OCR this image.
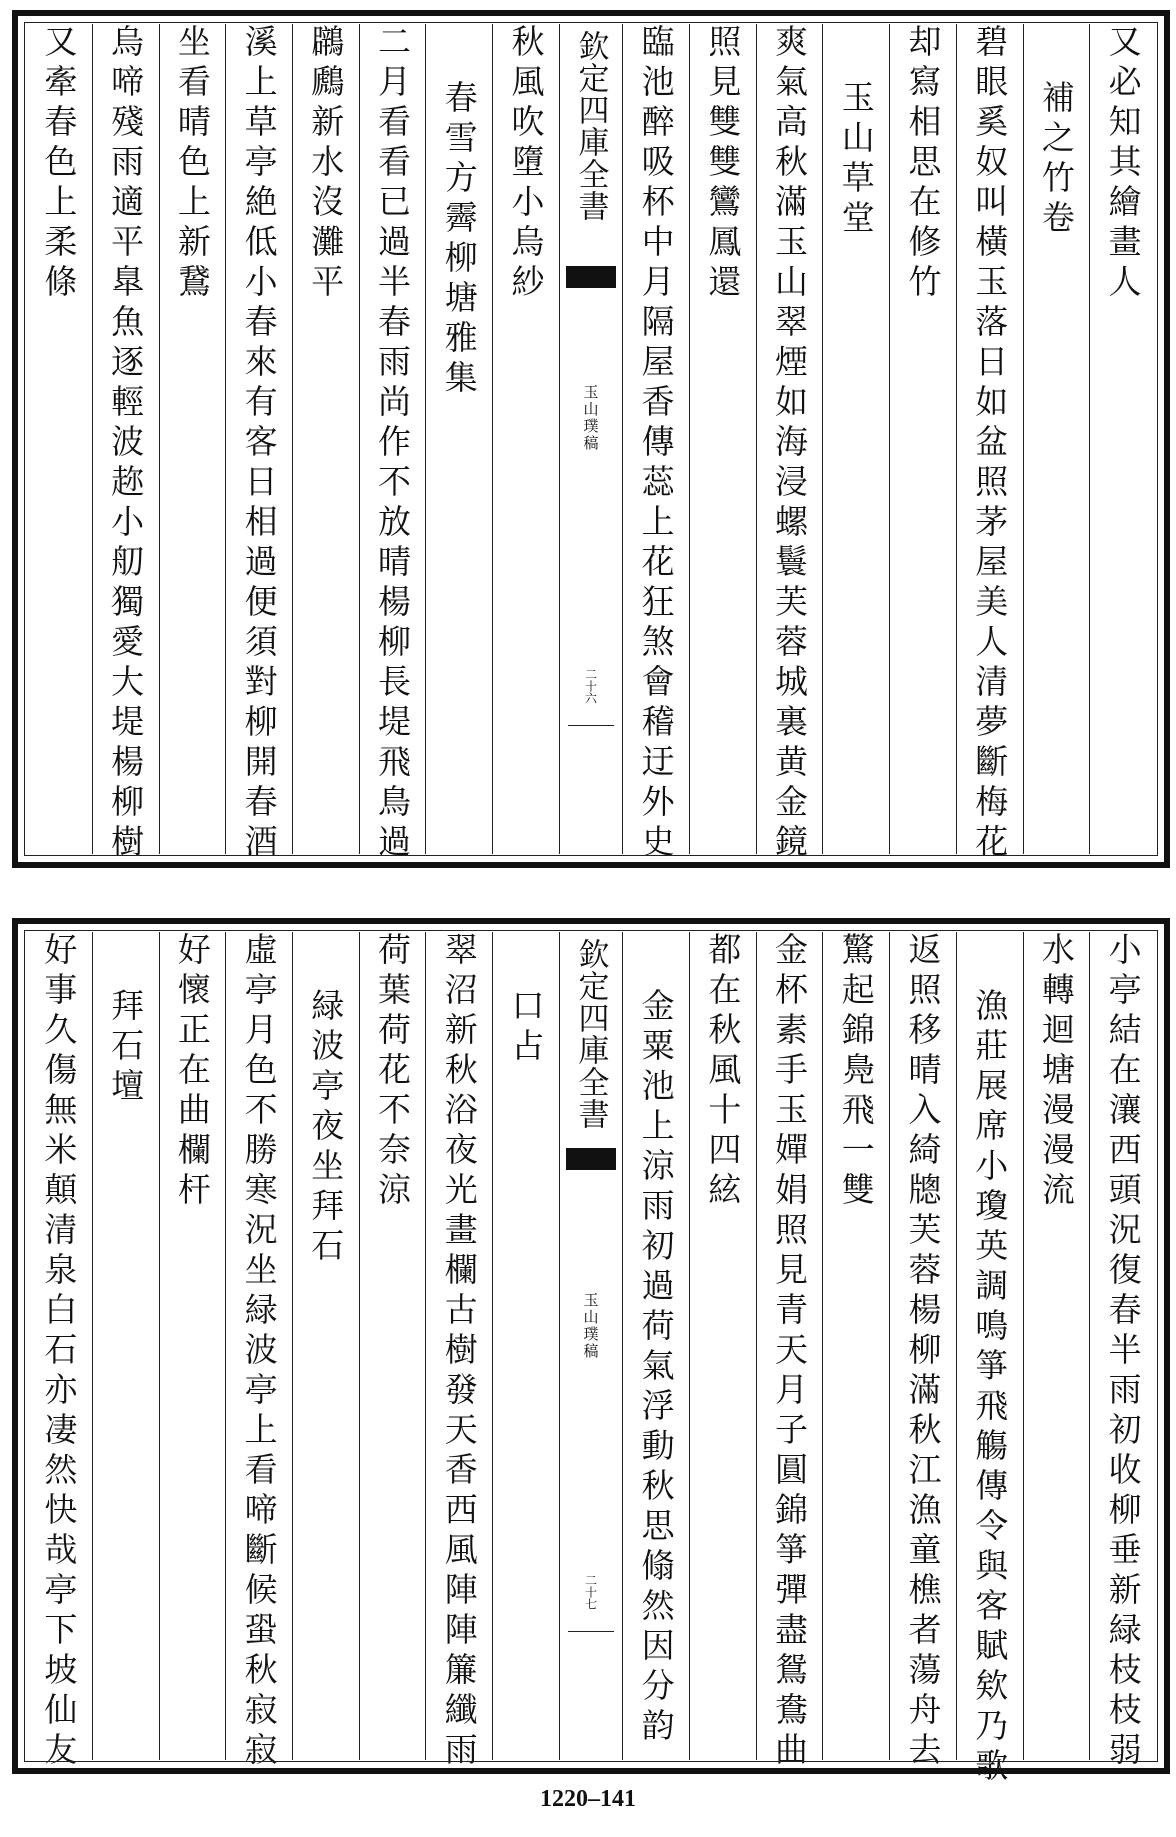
又必知其繪畫人
補之竹卷
碧眼奚奴叫橫玉落日如盆照茅屋美人清夢斷梅花
却寫相思在修竹
玉山草堂
爽氣高秋滿玉山翠煙如海浸螺鬟芙蓉城裏黄金鏡
照見雙雙鸞鳳還
臨池醉吸杯中月隔屋香傳蕊上花狂煞會稽迂外史
欽定四庫全書
玉山璞稿
二十六
秋風吹墮小烏紗
春雪方霽柳塘雅集
二月看看已過半春雨尚作不放晴楊柳長堤飛鳥過
鸊鷉新水沒灘平
溪上草亭絶低小春來有客日相過便須對柳開春酒
坐看晴色上新鵞
烏啼殘雨適平臯魚逐輕波趂小舠獨愛大堤楊柳樹
又牽春色上柔條
小亭結在瀼西頭況復春半雨初收柳垂新緑枝枝弱
水轉迴塘漫漫流
漁莊展席小瓊英調鳴箏飛觴傳令與客賦欸乃歌
返照移晴入綺牕芙蓉楊柳滿秋江漁童樵者蕩舟去
驚起錦鳧飛一雙
金杯素手玉嬋娟照見青天月子圓錦箏彈盡鴛鴦曲
都在秋風十四絃
金粟池上涼雨初過荷氣浮動秋思翛然因分韵
欽定四庫全書
玉山璞稿
二十七
口占
翠沼新秋浴夜光畫欄古樹發天香西風陣陣簾纖雨
荷葉荷花不奈涼
緑波亭夜坐拜石
虛亭月色不勝寒況坐緑波亭上看啼斷候蛩秋寂寂
好懷正在曲欄杆
拜石壇
好事久傷無米顛清泉白石亦凄然快哉亭下坡仙友
1220–141
